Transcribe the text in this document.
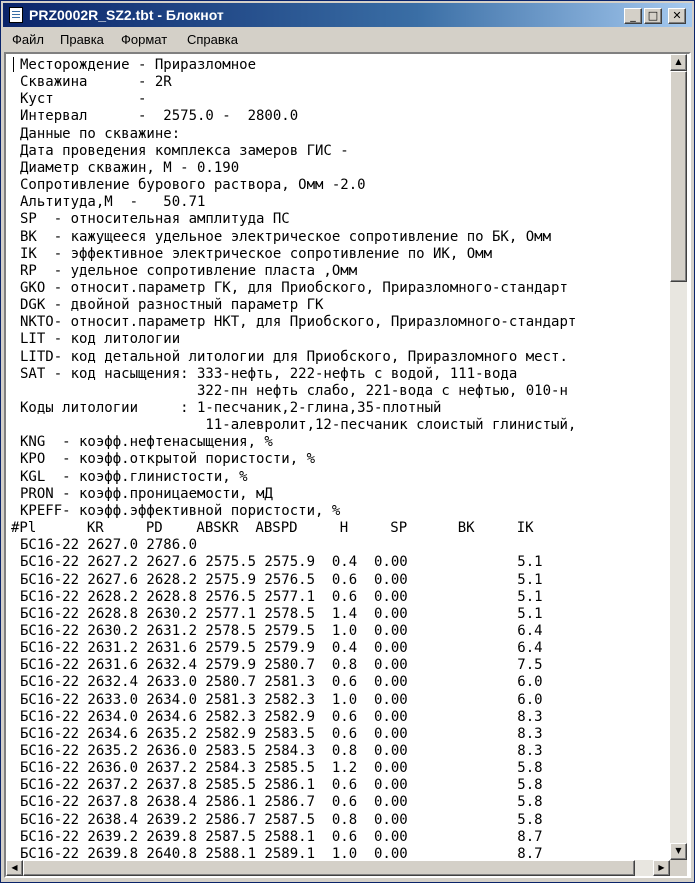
PRZ0002R_SZ2.tbt - Блокнот	_	□	✕
Файл Правка Формат Справка
Месторождение - Приразломное
Скважина      - 2R
Куст          -
Интервал      -  2575.0 -  2800.0
Данные по скважине:
Дата проведения комплекса замеров ГИС -
Диаметр скважин, М - 0.190
Сопротивление бурового раствора, Омм -2.0
Альтитуда,М  -   50.71
SP  - относительная амплитуда ПС
BK  - кажущееся удельное электрическое сопротивление по БК, Омм
IK  - эффективное электрическое сопротивление по ИК, Омм
RP  - удельное сопротивление пласта ,Омм
GKO - относит.параметр ГК, для Приобского, Приразломного-стандарт
DGK - двойной разностный параметр ГК
NKTO- относит.параметр НКТ, для Приобского, Приразломного-стандарт
LIT - код литологии
LITD- код детальной литологии для Приобского, Приразломного мест.
SAT - код насыщения: 333-нефть, 222-нефть с водой, 111-вода
322-пн нефть слабо, 221-вода с нефтью, 010-н
Коды литологии     : 1-песчаник,2-глина,35-плотный
11-алевролит,12-песчаник слоистый глинистый,
KNG  - коэфф.нефтенасыщения, %
KPO  - коэфф.открытой пористости, %
KGL  - коэфф.глинистости, %
PRON - коэфф.проницаемости, мД
KPEFF- коэфф.эффективной пористости, %
#Pl      KR     PD    ABSKR  ABSPD     H     SP      BK     IK
БС16-22 2627.0 2786.0
БС16-22 2627.2 2627.6 2575.5 2575.9  0.4  0.00             5.1
БС16-22 2627.6 2628.2 2575.9 2576.5  0.6  0.00             5.1
БС16-22 2628.2 2628.8 2576.5 2577.1  0.6  0.00             5.1
БС16-22 2628.8 2630.2 2577.1 2578.5  1.4  0.00             5.1
БС16-22 2630.2 2631.2 2578.5 2579.5  1.0  0.00             6.4
БС16-22 2631.2 2631.6 2579.5 2579.9  0.4  0.00             6.4
БС16-22 2631.6 2632.4 2579.9 2580.7  0.8  0.00             7.5
БС16-22 2632.4 2633.0 2580.7 2581.3  0.6  0.00             6.0
БС16-22 2633.0 2634.0 2581.3 2582.3  1.0  0.00             6.0
БС16-22 2634.0 2634.6 2582.3 2582.9  0.6  0.00             8.3
БС16-22 2634.6 2635.2 2582.9 2583.5  0.6  0.00             8.3
БС16-22 2635.2 2636.0 2583.5 2584.3  0.8  0.00             8.3
БС16-22 2636.0 2637.2 2584.3 2585.5  1.2  0.00             5.8
БС16-22 2637.2 2637.8 2585.5 2586.1  0.6  0.00             5.8
БС16-22 2637.8 2638.4 2586.1 2586.7  0.6  0.00             5.8
БС16-22 2638.4 2639.2 2586.7 2587.5  0.8  0.00             5.8
БС16-22 2639.2 2639.8 2587.5 2588.1  0.6  0.00             8.7
БС16-22 2639.8 2640.8 2588.1 2589.1  1.0  0.00             8.7
▲
▼
◀	▶
